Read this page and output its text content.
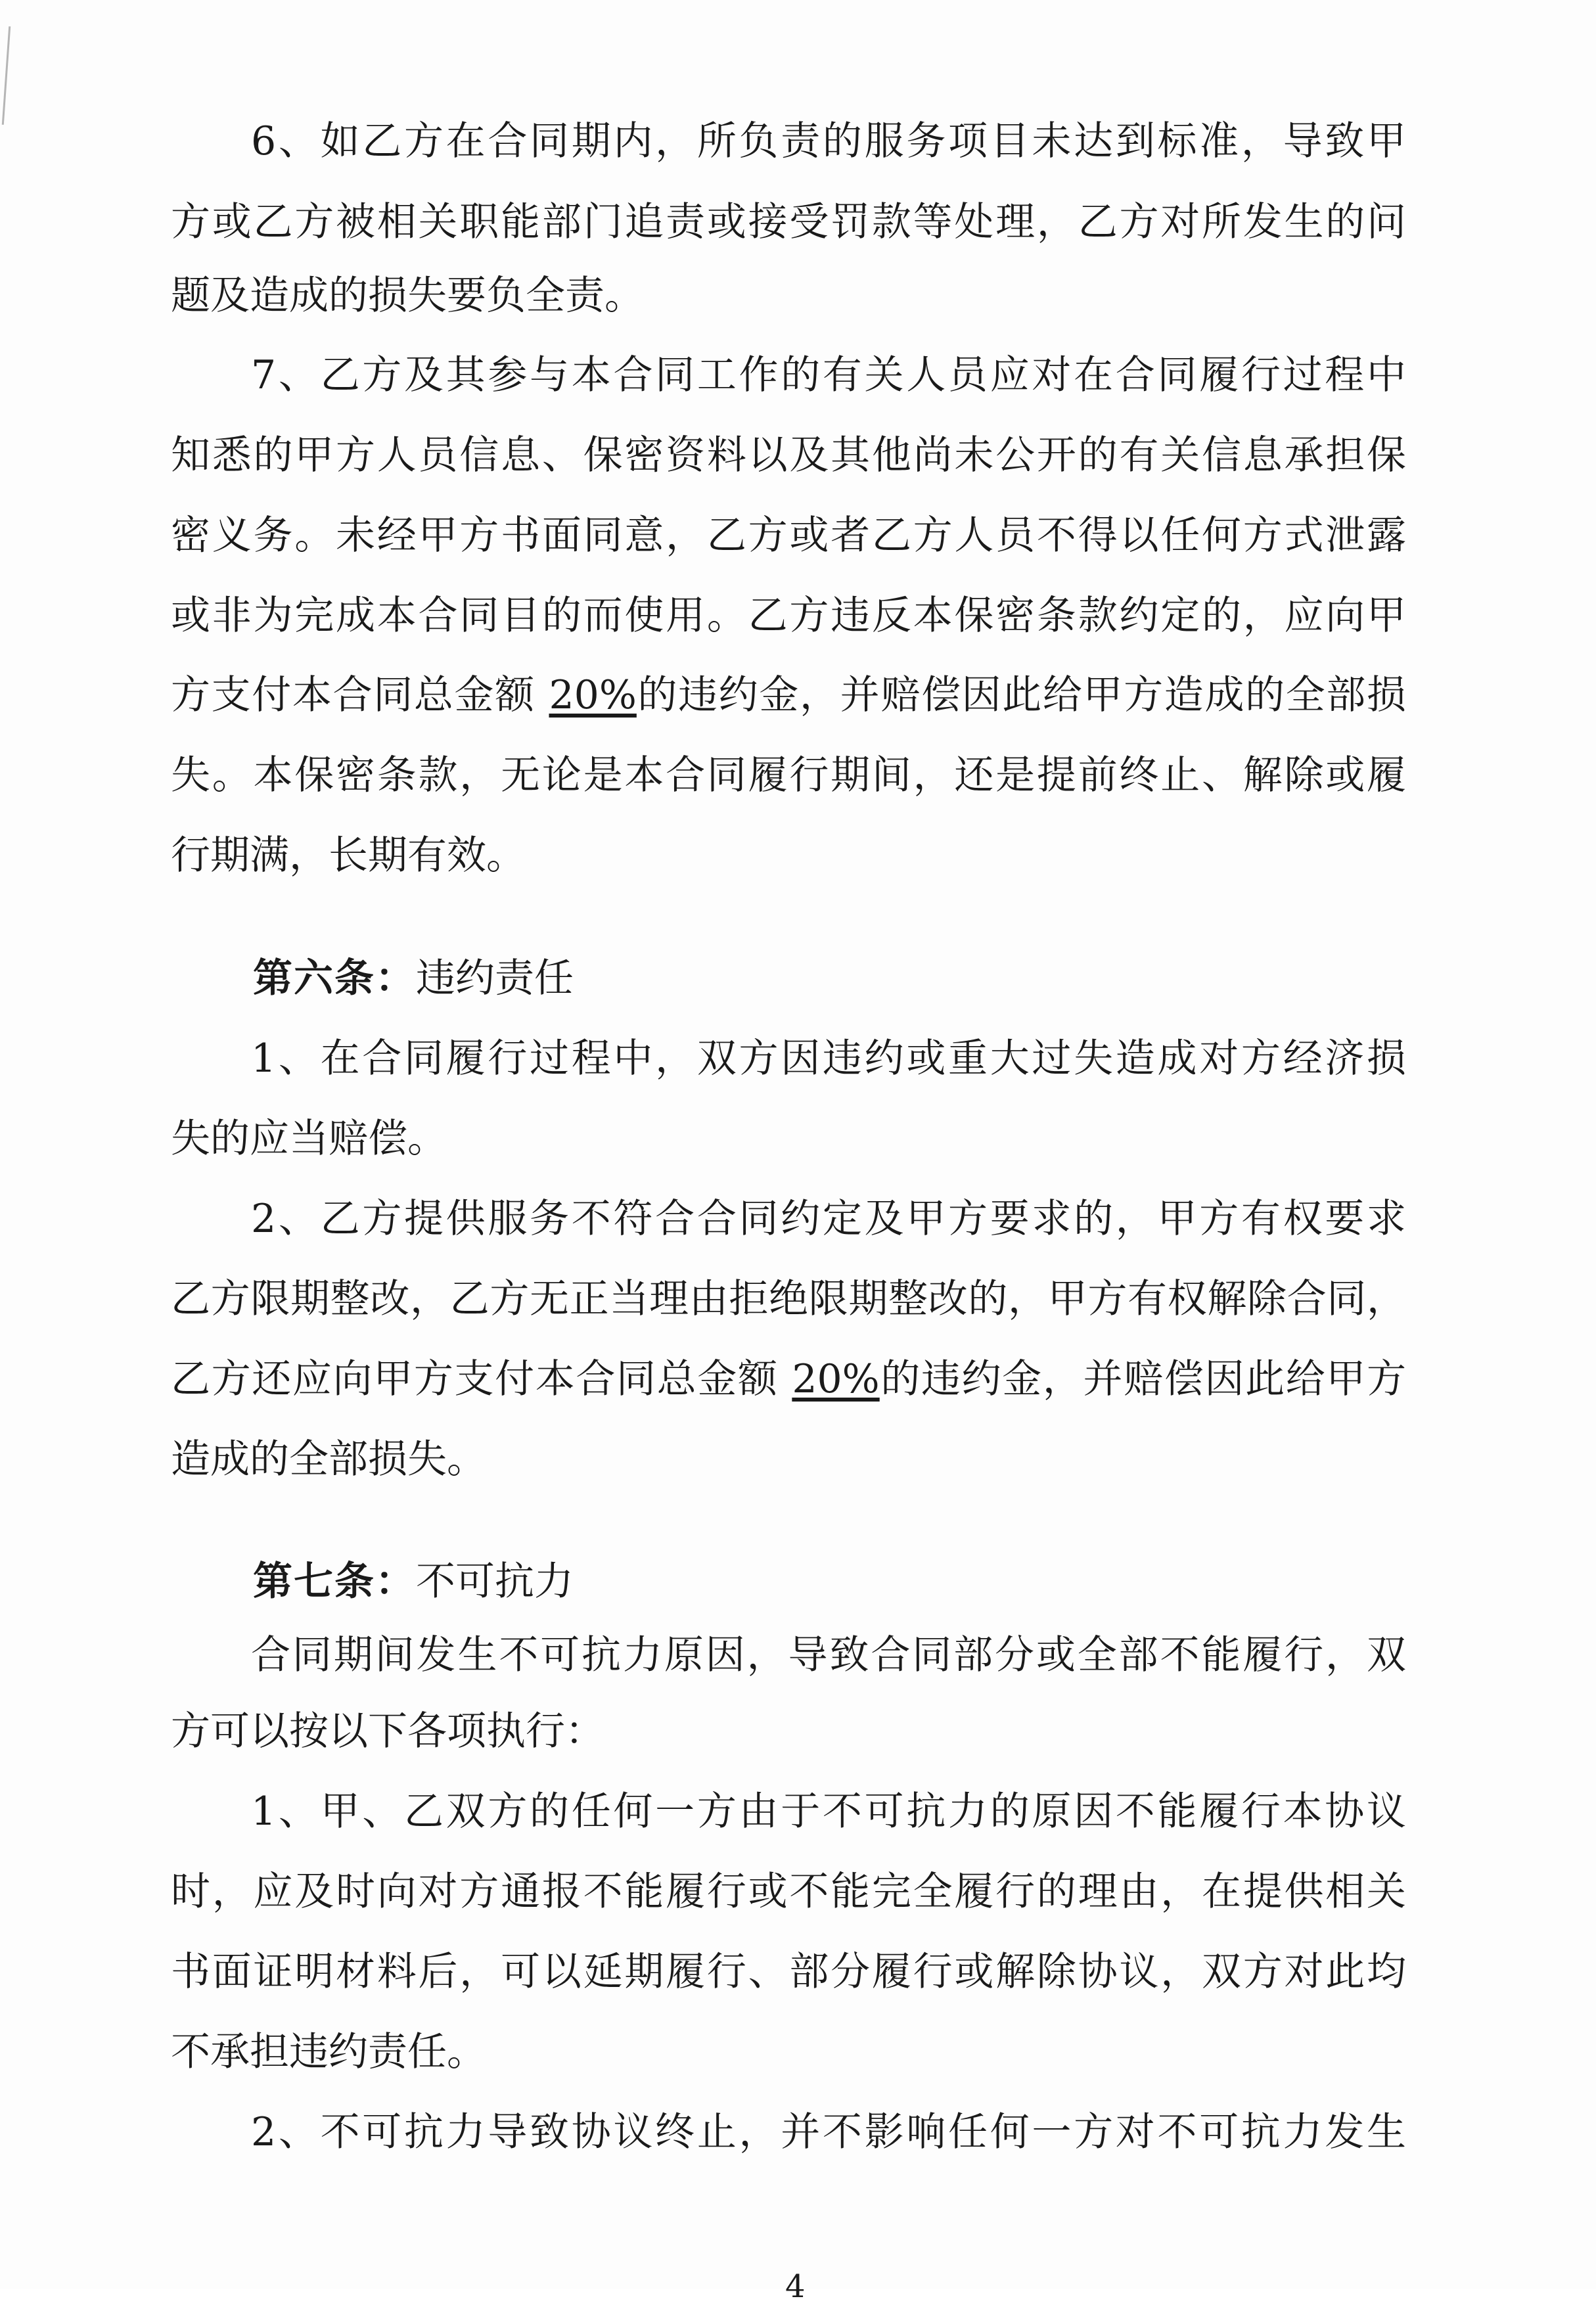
6、如乙方在合同期内，所负责的服务项目未达到标准，导致甲
方或乙方被相关职能部门追责或接受罚款等处理，乙方对所发生的问
题及造成的损失要负全责。
7、乙方及其参与本合同工作的有关人员应对在合同履行过程中
知悉的甲方人员信息、保密资料以及其他尚未公开的有关信息承担保
密义务。未经甲方书面同意，乙方或者乙方人员不得以任何方式泄露
或非为完成本合同目的而使用。乙方违反本保密条款约定的，应向甲
方支付本合同总金额 20%的违约金，并赔偿因此给甲方造成的全部损
失。本保密条款，无论是本合同履行期间，还是提前终止、解除或履
行期满，长期有效。
第六条：违约责任
1、在合同履行过程中，双方因违约或重大过失造成对方经济损
失的应当赔偿。
2、乙方提供服务不符合合同约定及甲方要求的，甲方有权要求
乙方限期整改，乙方无正当理由拒绝限期整改的，甲方有权解除合同，
乙方还应向甲方支付本合同总金额 20%的违约金，并赔偿因此给甲方
造成的全部损失。
第七条：不可抗力
合同期间发生不可抗力原因，导致合同部分或全部不能履行，双
方可以按以下各项执行：
1、甲、乙双方的任何一方由于不可抗力的原因不能履行本协议
时，应及时向对方通报不能履行或不能完全履行的理由，在提供相关
书面证明材料后，可以延期履行、部分履行或解除协议，双方对此均
不承担违约责任。
2、不可抗力导致协议终止，并不影响任何一方对不可抗力发生
4
